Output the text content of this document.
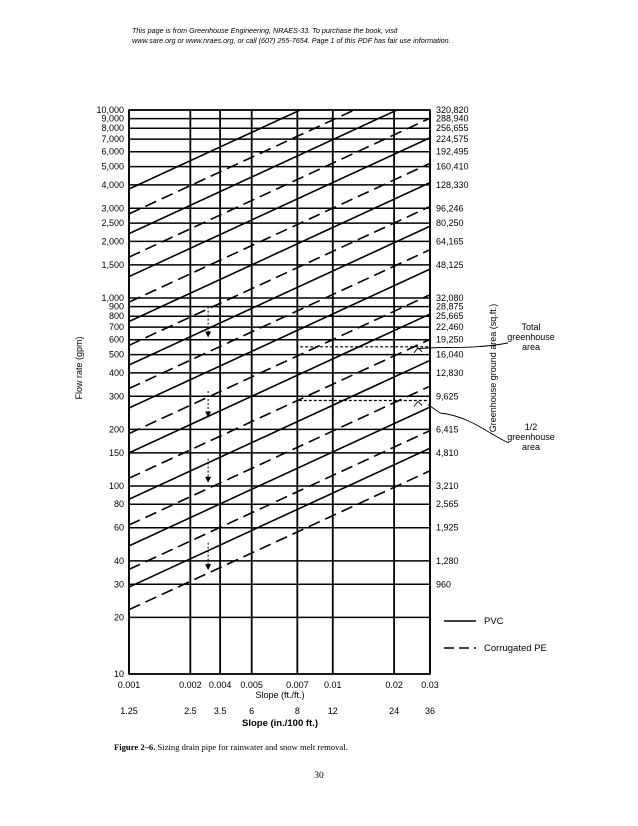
This page is from Greenhouse Engineering, NRAES-33. To purchase the book, visit
www.sare.org or www.nraes.org, or call (607) 255-7654. Page 1 of this PDF has fair use information.
10,000	320,820
9,000	288,940
8,000	256,655
7,000	224,575
6,000	192,495
5,000	160,410
4,000	128,330
3,000	96,246
2,500	80,250
2,000	64,165
1,500	48,125
1,000	32,080
900	28,875
800	25,665
700	22,460
600	19,250
500	16,040
400	12,830
300	9,625
200	6,415
150	4,810
100	3,210
80	2,565
60	1,925
40	1,280
30	960
20
10
0.001
1.25
0.002
2.5
0.004
3.5
0.005
6
0.007
8
0.01
12
0.02
24
0.03
36
Total
greenhouse
area
1/2
greenhouse
area
PVC
Corrugated PE
Slope (ft./ft.)
Slope (in./100 ft.)
Flow rate (gpm)	Greenhouse ground area (sq.ft.)
Figure 2–6. Sizing drain pipe for rainwater and snow melt removal.
30
